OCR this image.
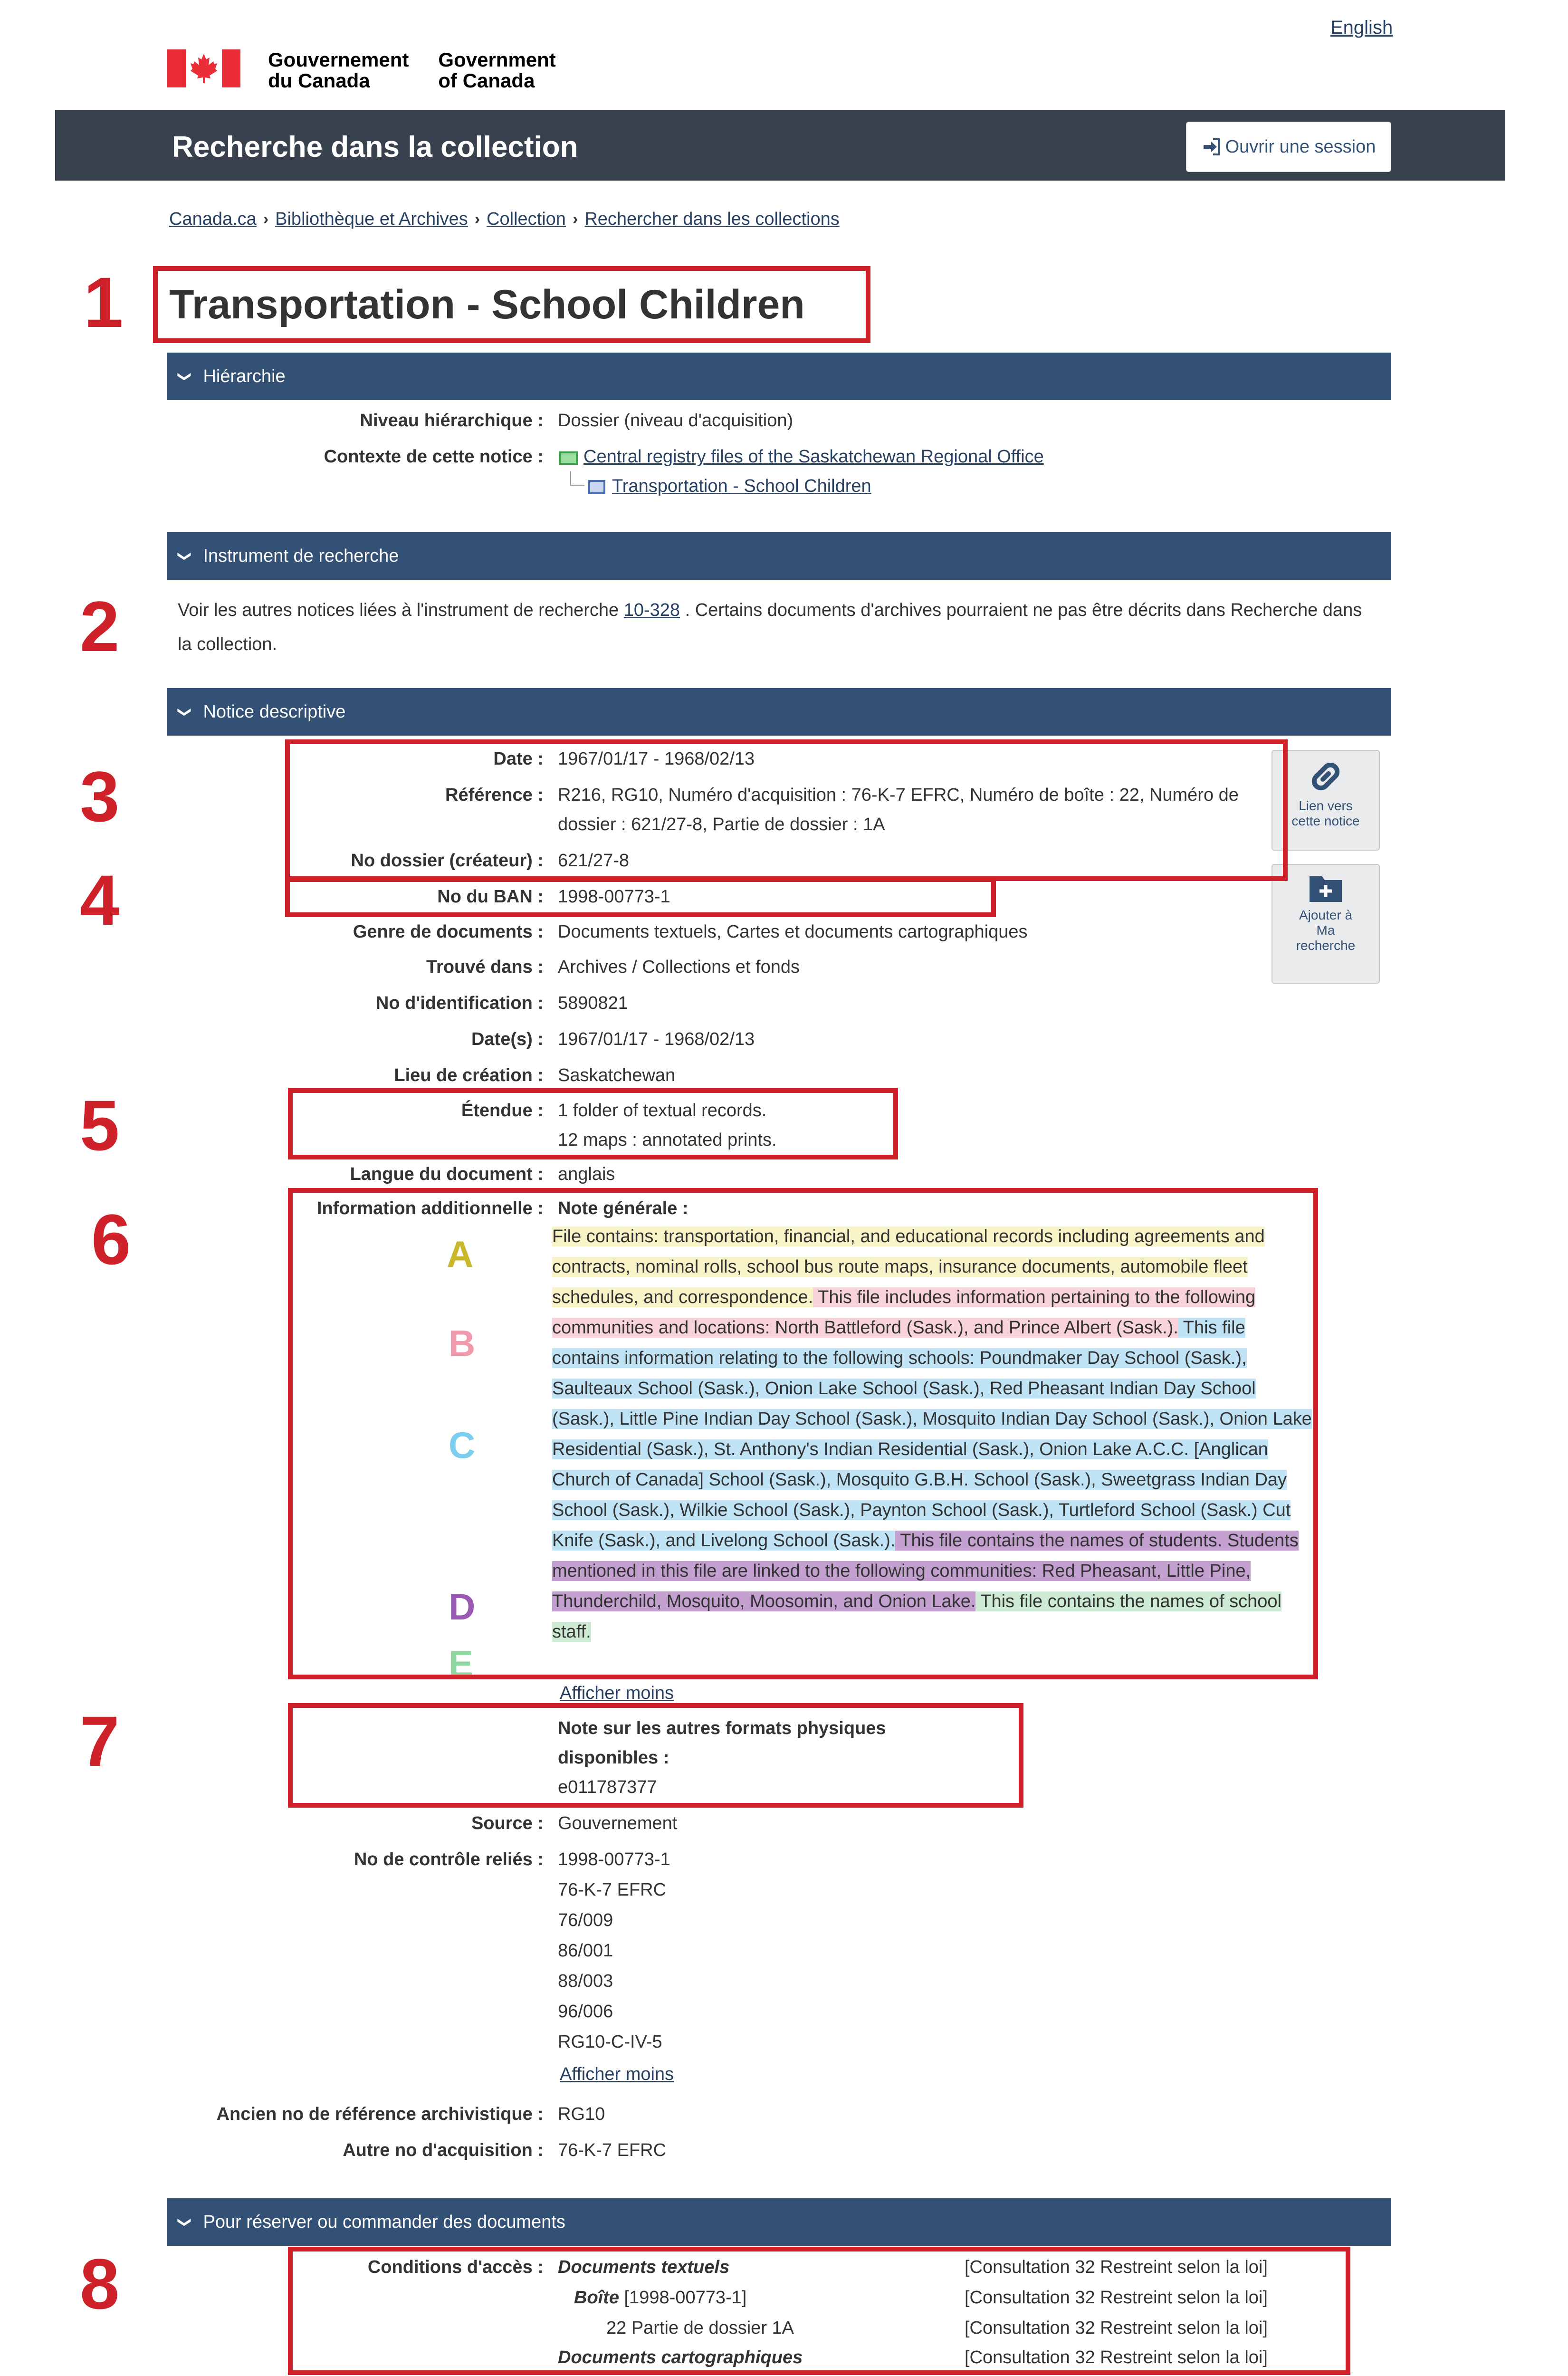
English
Gouvernement
du Canada
Government
of Canada
Recherche dans la collection	Ouvrir une session
Canada.ca › Bibliothèque et Archives › Collection › Rechercher dans les collections
Transportation - School Children
1
❯ Hiérarchie
Niveau hiérarchique : Dossier (niveau d'acquisition)
Contexte de cette notice :	Central registry files of the Saskatchewan Regional Office
Transportation - School Children
❯ Instrument de recherche
Voir les autres notices liées à l'instrument de recherche 10-328 . Certains documents d'archives pourraient ne pas être décrits dans Recherche dans la collection.
2
❯ Notice descriptive
Lien vers
cette notice
Ajouter à
Ma
recherche
Date : 1967/01/17 - 1968/02/13
Référence : R216, RG10, Numéro d'acquisition : 76-K-7 EFRC, Numéro de boîte : 22, Numéro de
dossier : 621/27-8, Partie de dossier : 1A
No dossier (créateur) : 621/27-8
3
No du BAN : 1998-00773-1
4	Genre de documents : Documents textuels, Cartes et documents cartographiques
Trouvé dans : Archives / Collections et fonds
No d'identification : 5890821
Date(s) : 1967/01/17 - 1968/02/13
Lieu de création : Saskatchewan
Étendue : 1 folder of textual records.
12 maps : annotated prints.
5
Langue du document : anglais
Information additionnelle : Note générale :
File contains: transportation, financial, and educational records including agreements and contracts, nominal rolls, school bus route maps, insurance documents, automobile fleet schedules, and correspondence. This file includes information pertaining to the following communities and locations: North Battleford (Sask.), and Prince Albert (Sask.). This file contains information relating to the following schools: Poundmaker Day School (Sask.), Saulteaux School (Sask.), Onion Lake School (Sask.), Red Pheasant Indian Day School (Sask.), Little Pine Indian Day School (Sask.), Mosquito Indian Day School (Sask.), Onion Lake Residential (Sask.), St. Anthony's Indian Residential (Sask.), Onion Lake A.C.C. [Anglican Church of Canada] School (Sask.), Mosquito G.B.H. School (Sask.), Sweetgrass Indian Day School (Sask.), Wilkie School (Sask.), Paynton School (Sask.), Turtleford School (Sask.) Cut Knife (Sask.), and Livelong School (Sask.). This file contains the names of students. Students mentioned in this file are linked to the following communities: Red Pheasant, Little Pine, Thunderchild, Mosquito, Moosomin, and Onion Lake. This file contains the names of school staff.
A
B
C
D
E
6
Afficher moins
Note sur les autres formats physiques
disponibles :
e011787377
7
Source : Gouvernement
No de contrôle reliés : 1998-00773-1
76-K-7 EFRC
76/009
86/001
88/003
96/006
RG10-C-IV-5
Afficher moins
Ancien no de référence archivistique : RG10
Autre no d'acquisition : 76-K-7 EFRC
❯ Pour réserver ou commander des documents
Conditions d'accès : Documents textuels	[Consultation 32 Restreint selon la loi]
Boîte [1998-00773-1]	[Consultation 32 Restreint selon la loi]
22 Partie de dossier 1A	[Consultation 32 Restreint selon la loi]
Documents cartographiques	[Consultation 32 Restreint selon la loi]
8
